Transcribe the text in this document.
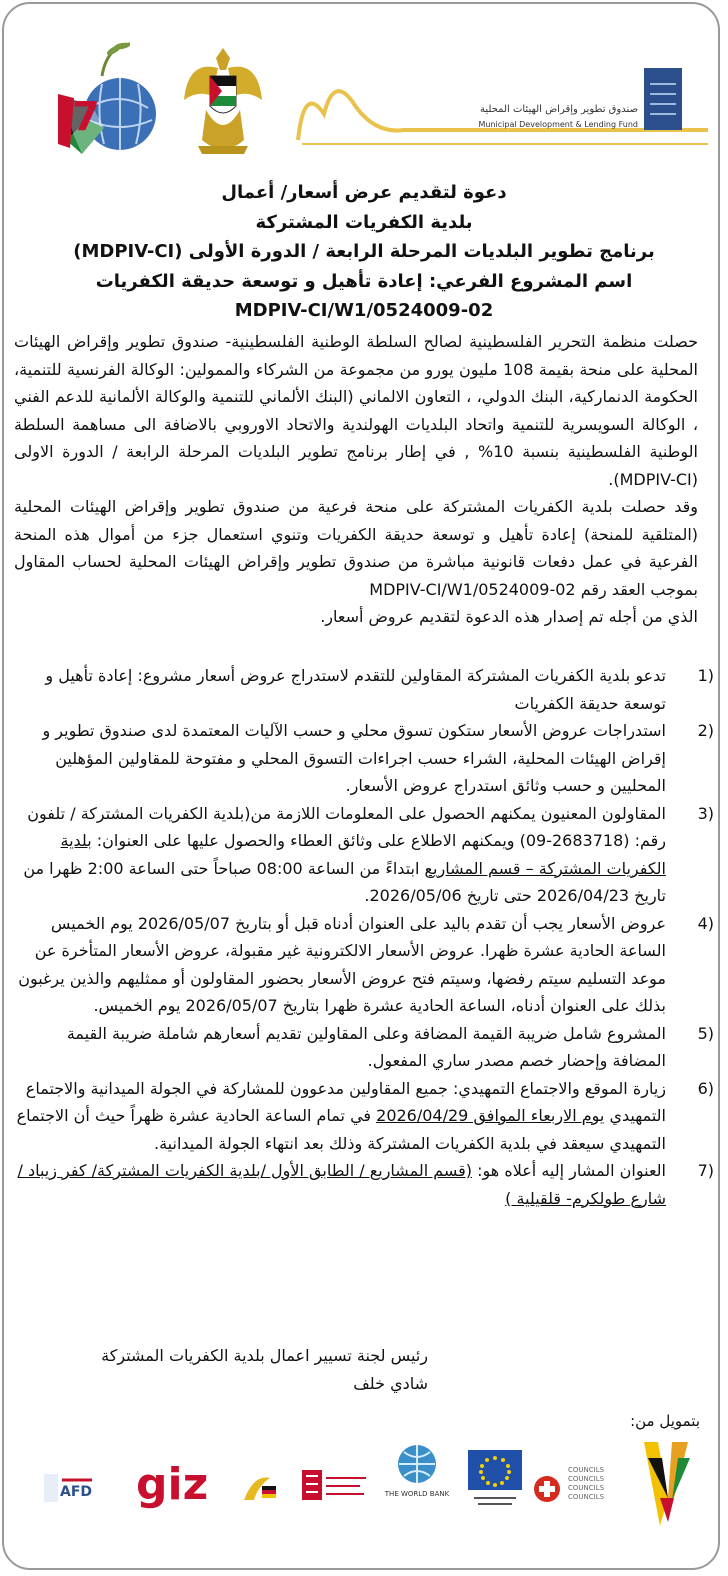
7	صندوق تطوير وإقراض الهيئات المحلية
Municipal Development & Lending Fund
دعوة لتقديم عرض أسعار/ أعمال
بلدية الكفريات المشتركة
برنامج تطوير البلديات المرحلة الرابعة / الدورة الأولى (MDPIV-CI)
اسم المشروع الفرعي: إعادة تأهيل و توسعة حديقة الكفريات
MDPIV-CI/W1/0524009-02

حصلت منظمة التحرير الفلسطينية لصالح السلطة الوطنية الفلسطينية- صندوق تطوير وإقراض الهيئات المحلية على منحة بقيمة 108 مليون يورو من مجموعة من الشركاء والممولين: الوكالة الفرنسية للتنمية، الحكومة الدنماركية، البنك الدولي، ، التعاون الالماني (البنك الألماني للتنمية والوكالة الألمانية للدعم الفني ، الوكالة السويسرية للتنمية واتحاد البلديات الهولندية والاتحاد الاوروبي بالاضافة الى مساهمة السلطة الوطنية الفلسطينية بنسبة 10% , في إطار برنامج تطوير البلديات المرحلة الرابعة / الدورة الاولى (MDPIV-CI).

وقد حصلت بلدية الكفريات المشتركة على منحة فرعية من صندوق تطوير وإقراض الهيئات المحلية (المتلقية للمنحة) إعادة تأهيل و توسعة حديقة الكفريات وتنوي استعمال جزء من أموال هذه المنحة الفرعية في عمل دفعات قانونية مباشرة من صندوق تطوير وإقراض الهيئات المحلية لحساب المقاول بموجب العقد رقم MDPIV-CI/W1/0524009-02

الذي من أجله تم إصدار هذه الدعوة لتقديم عروض أسعار.

1)
تدعو بلدية الكفريات المشتركة المقاولين للتقدم لاستدراج عروض أسعار مشروع: إعادة تأهيل و توسعة حديقة الكفريات
2)
استدراجات عروض الأسعار ستكون تسوق محلي و حسب الآليات المعتمدة لدى صندوق تطوير و إقراض الهيئات المحلية، الشراء حسب اجراءات التسوق المحلي و مفتوحة للمقاولين المؤهلين المحليين و حسب وثائق استدراج عروض الأسعار.
3)
المقاولون المعنيون يمكنهم الحصول على المعلومات اللازمة من(بلدية الكفريات المشتركة / تلفون رقم: (2683718-09) ويمكنهم الاطلاع على وثائق العطاء والحصول عليها على العنوان: بلدية الكفريات المشتركة – قسم المشاريع ابتداءً من الساعة 08:00 صباحاً حتى الساعة 2:00 ظهرا من تاريخ 2026/04/23 حتى تاريخ 2026/05/06.
4)
عروض الأسعار يجب أن تقدم باليد على العنوان أدناه قبل أو بتاريخ 2026/05/07 يوم الخميس الساعة الحادية عشرة ظهرا. عروض الأسعار الالكترونية غير مقبولة، عروض الأسعار المتأخرة عن موعد التسليم سيتم رفضها، وسيتم فتح عروض الأسعار بحضور المقاولون أو ممثليهم والذين يرغبون بذلك على العنوان أدناه، الساعة الحادية عشرة ظهرا بتاريخ 2026/05/07 يوم الخميس.
5)
المشروع شامل ضريبة القيمة المضافة وعلى المقاولين تقديم أسعارهم شاملة ضريبة القيمة المضافة وإحضار خصم مصدر ساري المفعول.
6)
زيارة الموقع والاجتماع التمهيدي: جميع المقاولين مدعوون للمشاركة في الجولة الميدانية والاجتماع التمهيدي يوم الاربعاء الموافق 2026/04/29 في تمام الساعة الحادية عشرة ظهراً حيث أن الاجتماع التمهيدي سيعقد في بلدية الكفريات المشتركة وذلك بعد انتهاء الجولة الميدانية.
7)
العنوان المشار إليه أعلاه هو: (قسم المشاريع / الطابق الأول /بلدية الكفريات المشتركة/ كفر زيباد / شارع طولكرم- قلقيلية )
رئيس لجنة تسيير اعمال بلدية الكفريات المشتركة
شادي خلف
بتمويل من:
AFD giz	THE WORLD BANK
COUNCILS
COUNCILS
COUNCILS
COUNCILS
